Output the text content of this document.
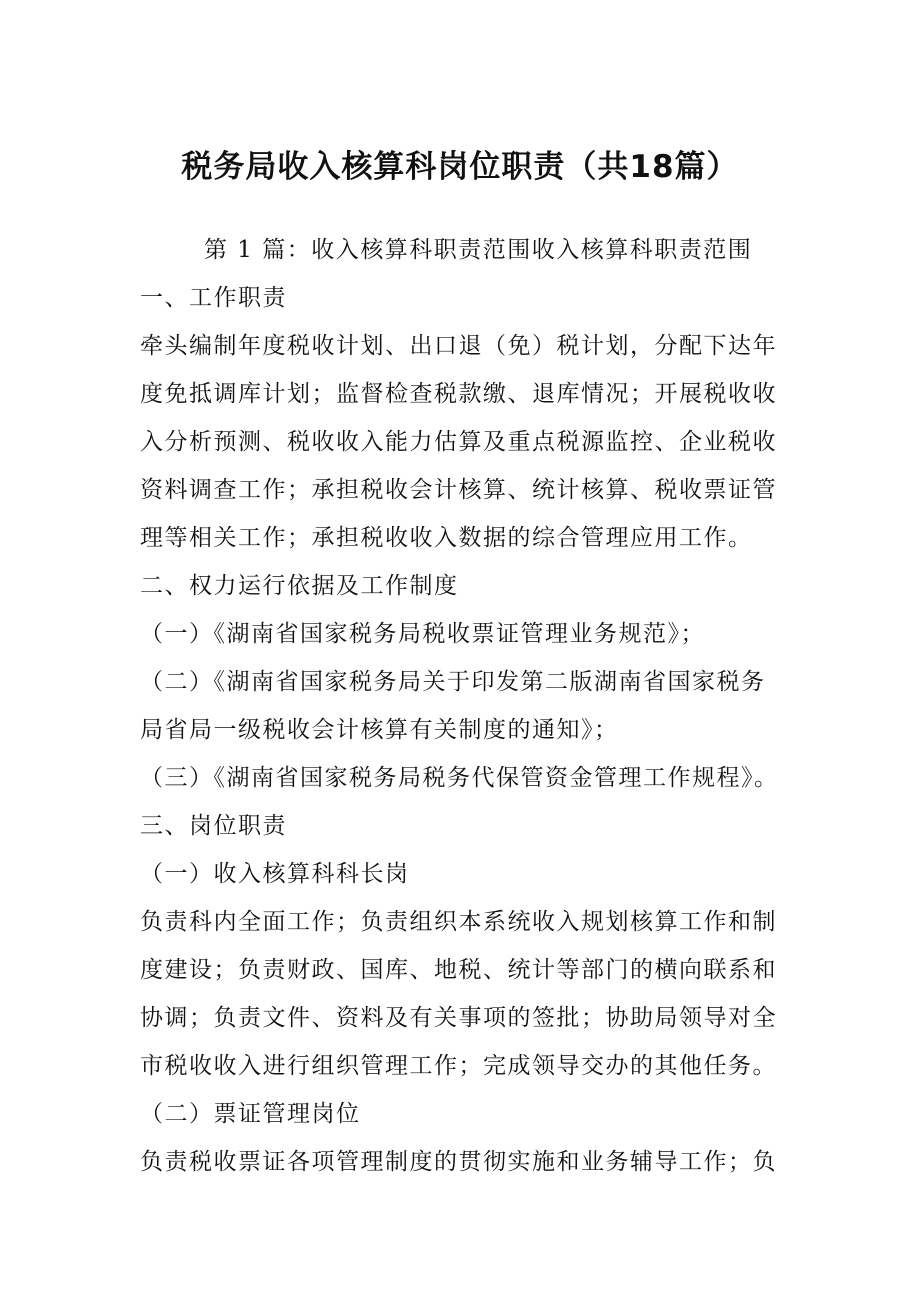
税务局收入核算科岗位职责（共18篇）

第 1 篇：收入核算科职责范围收入核算科职责范围

一、工作职责

牵头编制年度税收计划、出口退（免）税计划，分配下达年

度免抵调库计划；监督检查税款缴、退库情况；开展税收收

入分析预测、税收收入能力估算及重点税源监控、企业税收

资料调查工作；承担税收会计核算、统计核算、税收票证管

理等相关工作；承担税收收入数据的综合管理应用工作。

二、权力运行依据及工作制度

（一）《湖南省国家税务局税收票证管理业务规范》；

（二）《湖南省国家税务局关于印发第二版湖南省国家税务

局省局一级税收会计核算有关制度的通知》；

（三）《湖南省国家税务局税务代保管资金管理工作规程》。

三、岗位职责

（一）收入核算科科长岗

负责科内全面工作；负责组织本系统收入规划核算工作和制

度建设；负责财政、国库、地税、统计等部门的横向联系和

协调；负责文件、资料及有关事项的签批；协助局领导对全

市税收收入进行组织管理工作；完成领导交办的其他任务。

（二）票证管理岗位

负责税收票证各项管理制度的贯彻实施和业务辅导工作；负
